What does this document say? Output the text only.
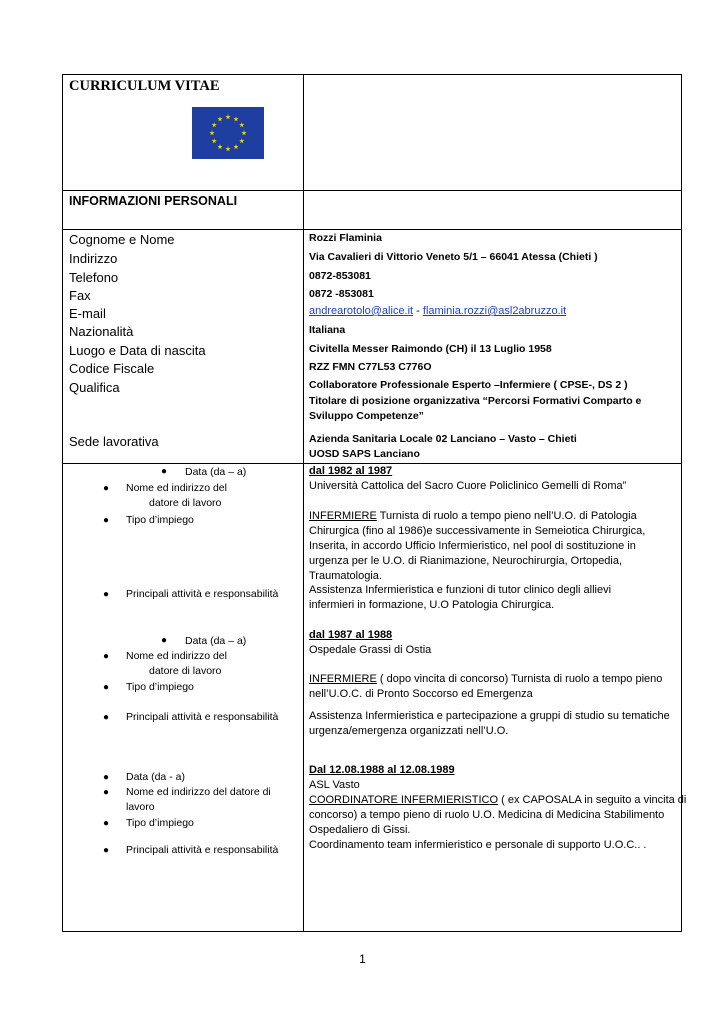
CURRICULUM VITAE
INFORMAZIONI PERSONALI
Cognome e Nome
Indirizzo
Telefono
Fax
E-mail
Nazionalità
Luogo e Data di nascita
Codice Fiscale
Qualifica
Sede lavorativa
Rozzi Flaminia
Via Cavalieri di Vittorio Veneto 5/1 – 66041 Atessa (Chieti )
0872-853081
0872 -853081
andrearotolo@alice.it - flaminia.rozzi@asl2abruzzo.it
Italiana
Civitella Messer Raimondo (CH) il 13 Luglio 1958
RZZ FMN C77L53 C776O
Collaboratore Professionale Esperto –Infermiere ( CPSE-, DS 2 )
Titolare di posizione organizzativa “Percorsi Formativi Comparto e
Sviluppo Competenze”
Azienda Sanitaria Locale 02 Lanciano – Vasto – Chieti
UOSD SAPS Lanciano
● Data (da – a)
● Nome ed indirizzo del
datore di lavoro
● Tipo d’impiego
● Principali attività e responsabilità
dal 1982 al 1987
Università Cattolica del Sacro Cuore Policlinico Gemelli di Roma”
INFERMIERE Turnista di ruolo a tempo pieno nell’U.O. di Patologia
Chirurgica (fino al 1986)e successivamente in Semeiotica Chirurgica,
Inserita, in accordo Ufficio Infermieristico, nel pool di sostituzione in
urgenza per le U.O. di Rianimazione, Neurochirurgia, Ortopedia,
Traumatologia.
Assistenza Infermieristica e funzioni di tutor clinico degli allievi
infermieri in formazione, U.O Patologia Chirurgica.
● Data (da – a)
● Nome ed indirizzo del
datore di lavoro
● Tipo d’impiego
● Principali attività e responsabilità
dal 1987 al 1988
Ospedale Grassi di Ostia
INFERMIERE ( dopo vincita di concorso) Turnista di ruolo a tempo pieno
nell’U.O.C. di Pronto Soccorso ed Emergenza
Assistenza Infermieristica e partecipazione a gruppi di studio su tematiche
urgenza/emergenza organizzati nell’U.O.
● Data (da - a)
● Nome ed indirizzo del datore di
lavoro
● Tipo d’impiego
● Principali attività e responsabilità
Dal 12.08.1988 al 12.08.1989
ASL Vasto
COORDINATORE INFERMIERISTICO ( ex CAPOSALA in seguito a vincita di
concorso) a tempo pieno di ruolo U.O. Medicina di Medicina Stabilimento
Ospedaliero di Gissi.
Coordinamento team infermieristico e personale di supporto U.O.C.. .
1
